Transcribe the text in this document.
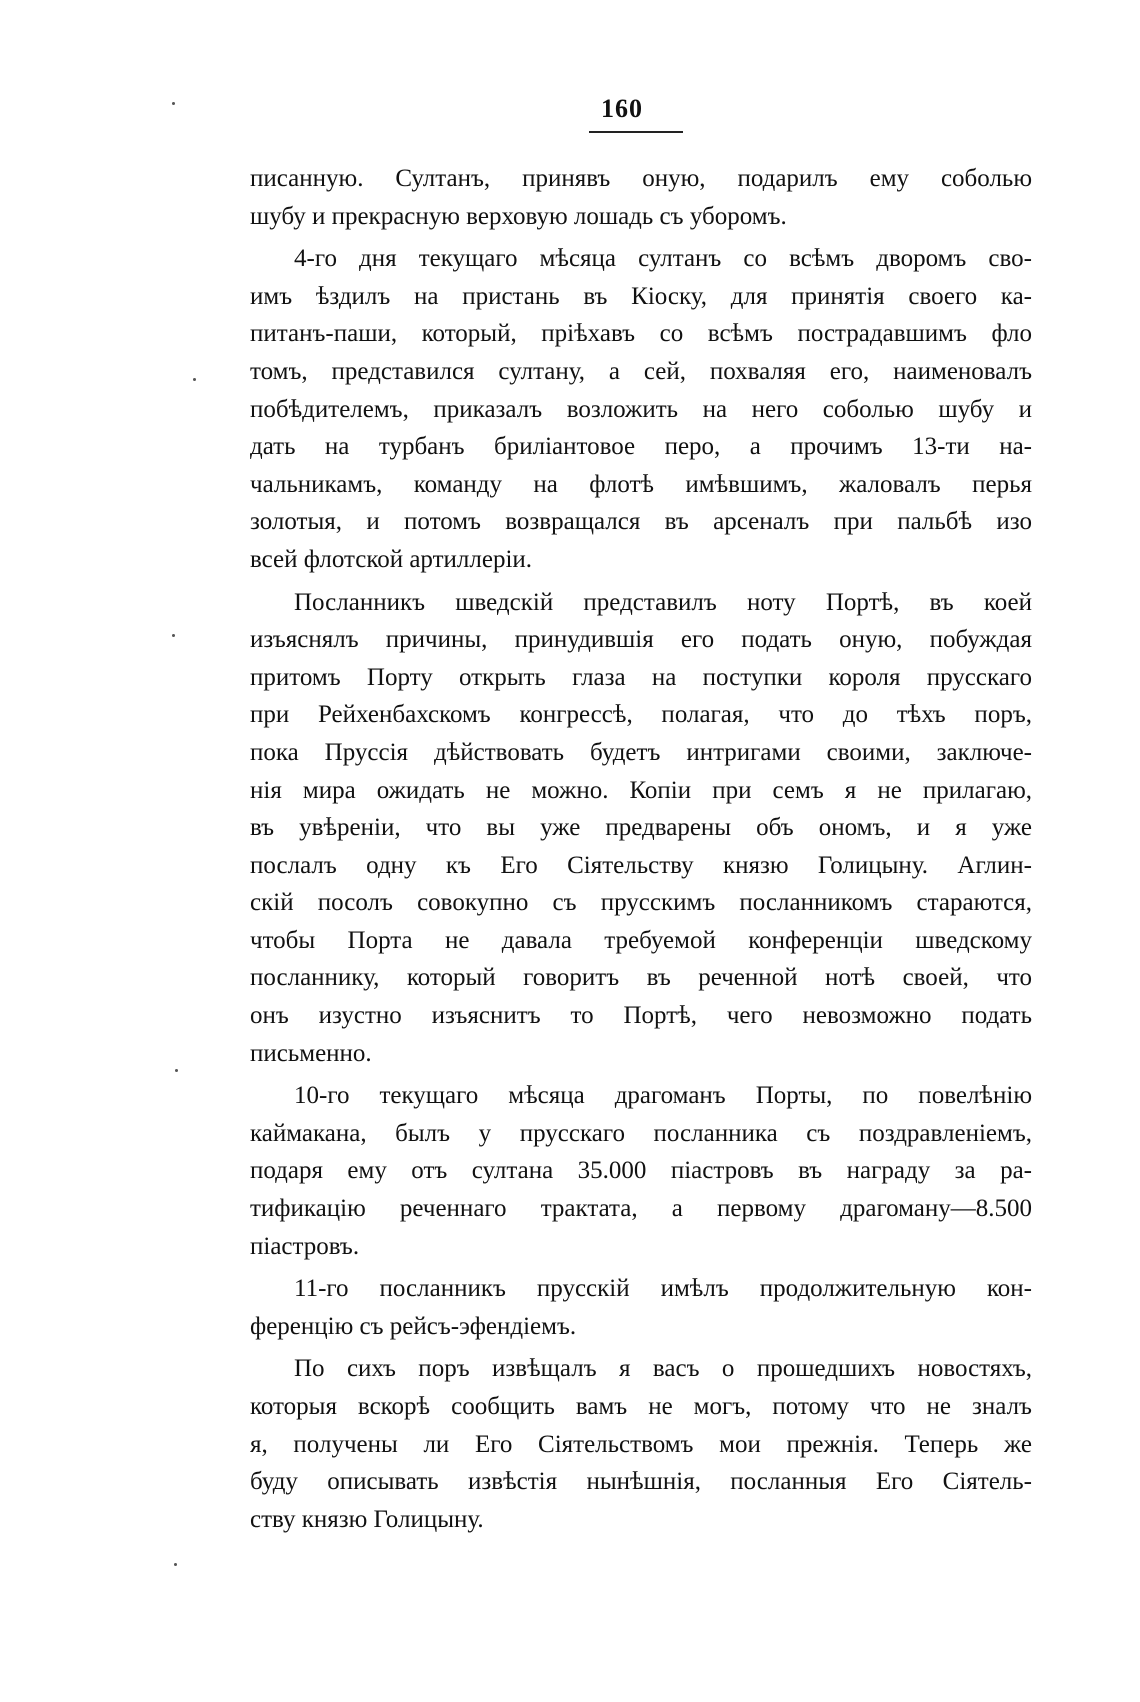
160
писанную. Султанъ, принявъ оную, подарилъ ему соболью
шубу и прекрасную верховую лошадь съ уборомъ.
4-го дня текущаго мѣсяца султанъ со всѣмъ дворомъ сво-
имъ ѣздилъ на пристань въ Кіоску, для принятія своего ка-
питанъ-паши, который, пріѣхавъ со всѣмъ пострадавшимъ фло
томъ, представился султану, а сей, похваляя его, наименовалъ
побѣдителемъ, приказалъ возложить на него соболью шубу и
дать на турбанъ бриліантовое перо, а прочимъ 13-ти на-
чальникамъ, команду на флотѣ имѣвшимъ, жаловалъ перья
золотыя, и потомъ возвращался въ арсеналъ при пальбѣ изо
всей флотской артиллеріи.
Посланникъ шведскій представилъ ноту Портѣ, въ коей
изъяснялъ причины, принудившія его подать оную, побуждая
притомъ Порту открыть глаза на поступки короля прусскаго
при Рейхенбахскомъ конгрессѣ, полагая, что до тѣхъ поръ,
пока Пруссія дѣйствовать будетъ интригами своими, заключе-
нія мира ожидать не можно. Копіи при семъ я не прилагаю,
въ увѣреніи, что вы уже предварены объ ономъ, и я уже
послалъ одну къ Его Сіятельству князю Голицыну. Аглин-
скій посолъ совокупно съ прусскимъ посланникомъ стараются,
чтобы Порта не давала требуемой конференціи шведскому
посланнику, который говоритъ въ реченной нотѣ своей, что
онъ изустно изъяснитъ то Портѣ, чего невозможно подать
письменно.
10-го текущаго мѣсяца драгоманъ Порты, по повелѣнію
каймакана, былъ у прусскаго посланника съ поздравленіемъ,
подаря ему отъ султана 35.000 піастровъ въ награду за ра-
тификацію реченнаго трактата, а первому драгоману—8.500
піастровъ.
11-го посланникъ прусскій имѣлъ продолжительную кон-
ференцію съ рейсъ-эфендіемъ.
По сихъ поръ извѣщалъ я васъ о прошедшихъ новостяхъ,
которыя вскорѣ сообщить вамъ не могъ, потому что не зналъ
я, получены ли Его Сіятельствомъ мои прежнія. Теперь же
буду описывать извѣстія нынѣшнія, посланныя Его Сіятель-
ству князю Голицыну.
